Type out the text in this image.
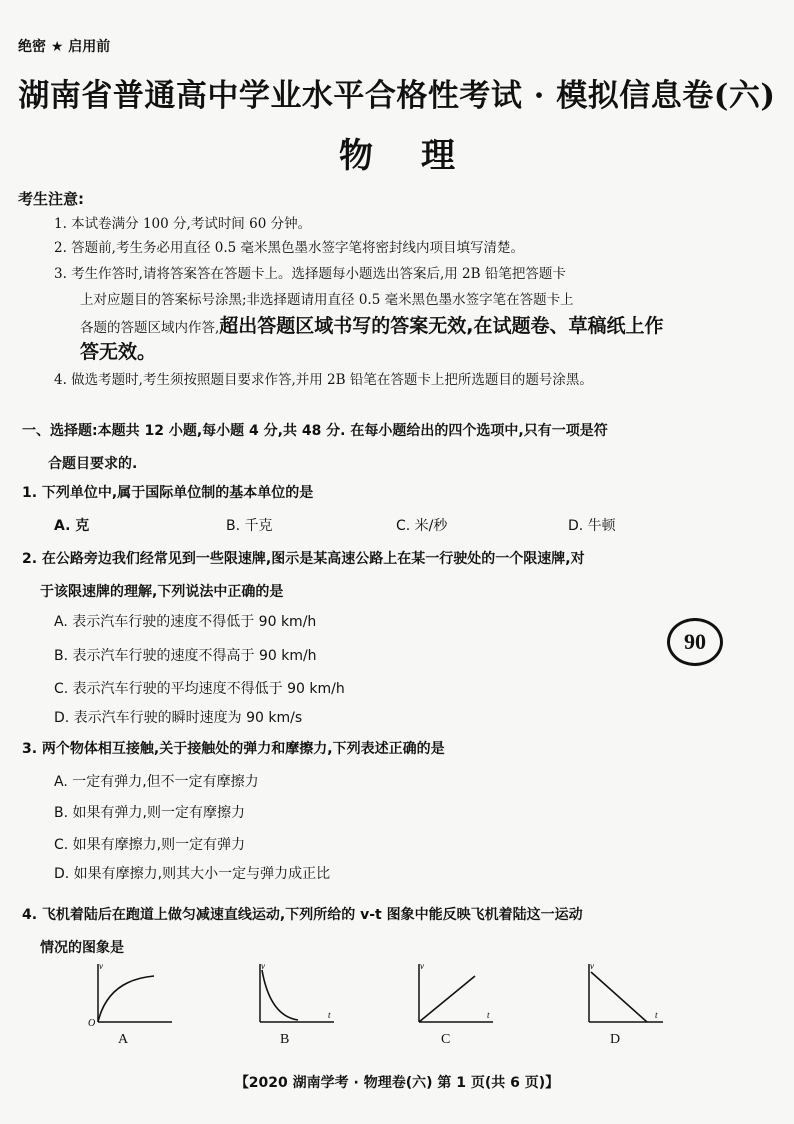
绝密 ★ 启用前
湖南省普通高中学业水平合格性考试 · 模拟信息卷(六)
物理
考生注意:
1. 本试卷满分 100 分,考试时间 60 分钟。
2. 答题前,考生务必用直径 0.5 毫米黑色墨水签字笔将密封线内项目填写清楚。
3. 考生作答时,请将答案答在答题卡上。选择题每小题选出答案后,用 2B 铅笔把答题卡
上对应题目的答案标号涂黑;非选择题请用直径 0.5 毫米黑色墨水签字笔在答题卡上
各题的答题区域内作答,超出答题区域书写的答案无效,在试题卷、草稿纸上作
答无效。
4. 做选考题时,考生须按照题目要求作答,并用 2B 铅笔在答题卡上把所选题目的题号涂黑。
一、选择题:本题共 12 小题,每小题 4 分,共 48 分. 在每小题给出的四个选项中,只有一项是符
合题目要求的.
1. 下列单位中,属于国际单位制的基本单位的是
A. 克	B. 千克	C. 米/秒	D. 牛顿
2. 在公路旁边我们经常见到一些限速牌,图示是某高速公路上在某一行驶处的一个限速牌,对
于该限速牌的理解,下列说法中正确的是
A. 表示汽车行驶的速度不得低于 90 km/h
B. 表示汽车行驶的速度不得高于 90 km/h
C. 表示汽车行驶的平均速度不得低于 90 km/h
D. 表示汽车行驶的瞬时速度为 90 km/s
90
3. 两个物体相互接触,关于接触处的弹力和摩擦力,下列表述正确的是
A. 一定有弹力,但不一定有摩擦力
B. 如果有弹力,则一定有摩擦力
C. 如果有摩擦力,则一定有弹力
D. 如果有摩擦力,则其大小一定与弹力成正比
4. 飞机着陆后在跑道上做匀减速直线运动,下列所给的 v-t 图象中能反映飞机着陆这一运动
情况的图象是
v
O
v
t
v
t
v
t
A	B	C	D
【2020 湖南学考 · 物理卷(六) 第 1 页(共 6 页)】
